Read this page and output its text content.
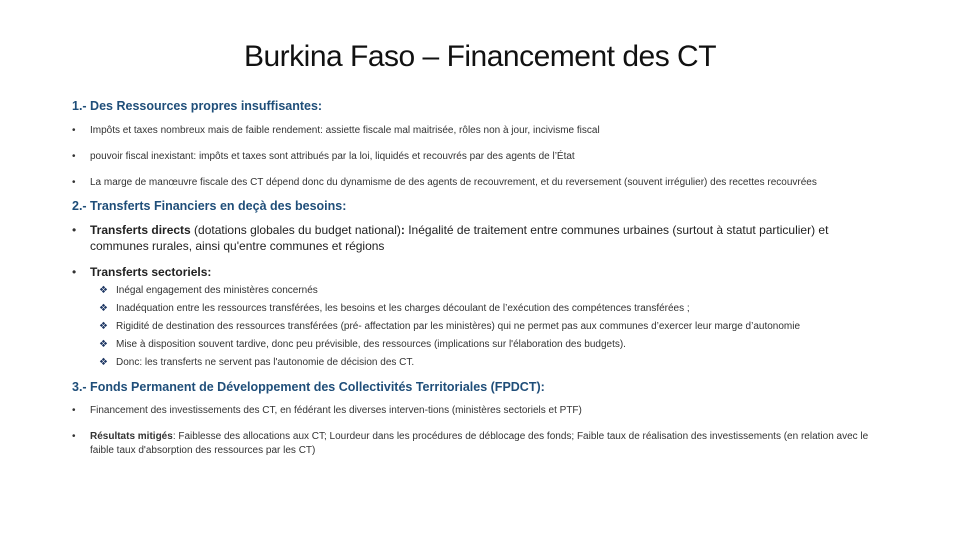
Burkina Faso – Financement des CT

1.- Des Ressources propres insuffisantes:

• Impôts et taxes nombreux mais de faible rendement: assiette fiscale mal maitrisée, rôles non à jour, incivisme fiscal
• pouvoir fiscal inexistant: impôts et taxes sont attribués par la loi, liquidés et recouvrés par des agents de l’État
• La marge de manœuvre fiscale des CT dépend donc du dynamisme de des agents de recouvrement, et du reversement (souvent irrégulier) des recettes recouvrées

2.- Transferts Financiers en deçà des besoins:

• Transferts directs (dotations globales du budget national): Inégalité de traitement entre communes urbaines (surtout à statut particulier) et communes rurales, ainsi qu'entre communes et régions
• Transferts sectoriels:
❖ Inégal engagement des ministères concernés
❖ Inadéquation entre les ressources transférées, les besoins et les charges découlant de l’exécution des compétences transférées ;
❖ Rigidité de destination des ressources transférées (pré- affectation par les ministères) qui ne permet pas aux communes d’exercer leur marge d’autonomie
❖ Mise à disposition souvent tardive, donc peu prévisible, des ressources (implications sur l'élaboration des budgets).
❖ Donc: les transferts ne servent pas l'autonomie de décision des CT.

3.- Fonds Permanent de Développement des Collectivités Territoriales (FPDCT):

• Financement des investissements des CT, en fédérant les diverses interven-tions (ministères sectoriels et PTF)
• Résultats mitigés: Faiblesse des allocations aux CT; Lourdeur dans les procédures de déblocage des fonds; Faible taux de réalisation des investissements (en relation avec le faible taux d'absorption des ressources par les CT)
